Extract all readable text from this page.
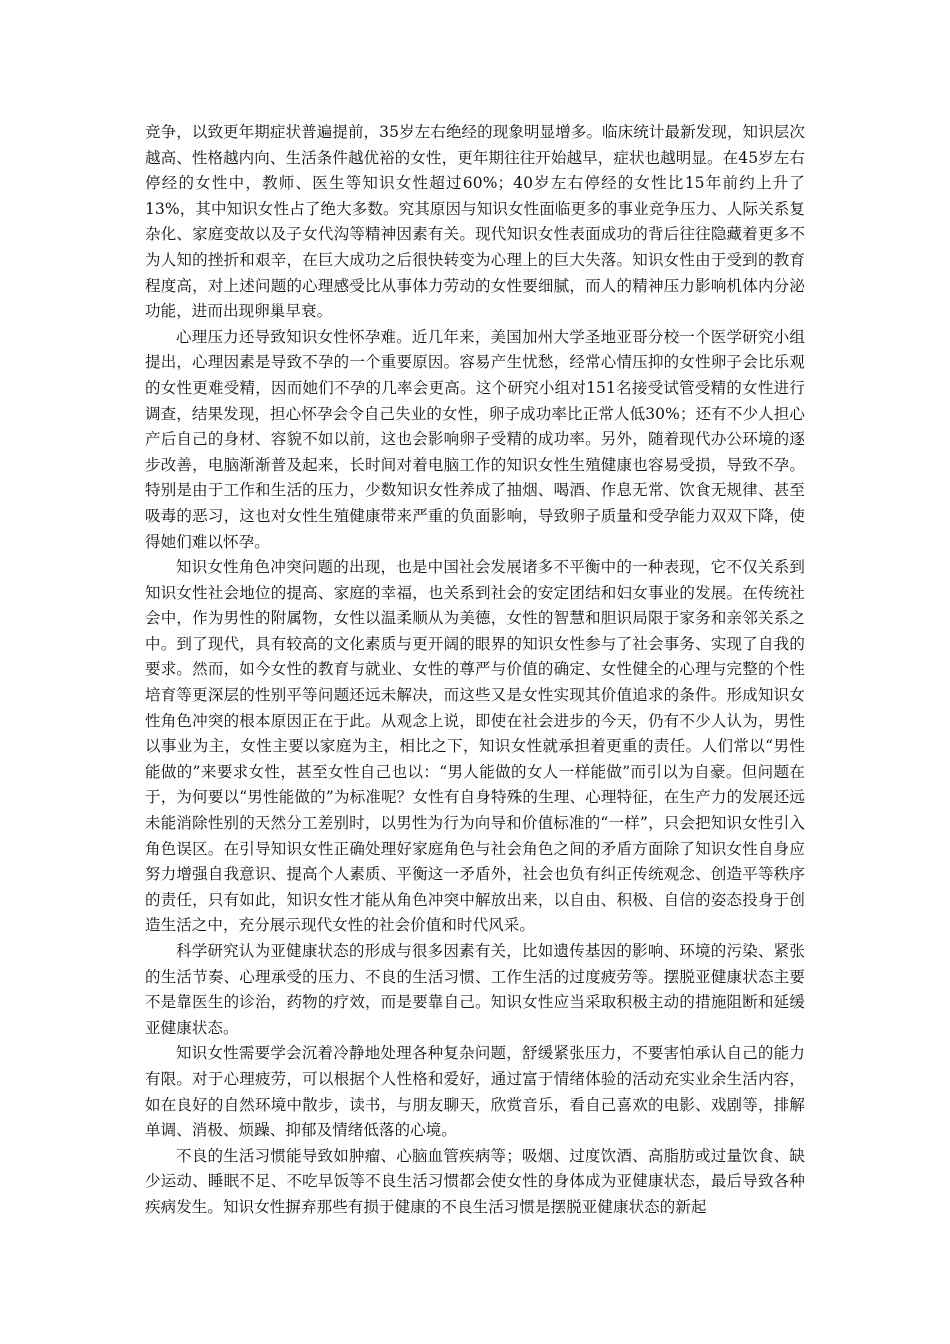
竞争，以致更年期症状普遍提前，35岁左右绝经的现象明显增多。临床统计最新发现，知识层次越高、性格越内向、生活条件越优裕的女性，更年期往往开始越早，症状也越明显。在45岁左右停经的女性中，教师、医生等知识女性超过60%；40岁左右停经的女性比15年前约上升了13%，其中知识女性占了绝大多数。究其原因与知识女性面临更多的事业竞争压力、人际关系复杂化、家庭变故以及子女代沟等精神因素有关。现代知识女性表面成功的背后往往隐藏着更多不为人知的挫折和艰辛，在巨大成功之后很快转变为心理上的巨大失落。知识女性由于受到的教育程度高，对上述问题的心理感受比从事体力劳动的女性要细腻，而人的精神压力影响机体内分泌功能，进而出现卵巢早衰。

心理压力还导致知识女性怀孕难。近几年来，美国加州大学圣地亚哥分校一个医学研究小组提出，心理因素是导致不孕的一个重要原因。容易产生忧愁，经常心情压抑的女性卵子会比乐观的女性更难受精，因而她们不孕的几率会更高。这个研究小组对151名接受试管受精的女性进行调查，结果发现，担心怀孕会令自己失业的女性，卵子成功率比正常人低30%；还有不少人担心产后自己的身材、容貌不如以前，这也会影响卵子受精的成功率。另外，随着现代办公环境的逐步改善，电脑渐渐普及起来，长时间对着电脑工作的知识女性生殖健康也容易受损，导致不孕。特别是由于工作和生活的压力，少数知识女性养成了抽烟、喝酒、作息无常、饮食无规律、甚至吸毒的恶习，这也对女性生殖健康带来严重的负面影响，导致卵子质量和受孕能力双双下降，使得她们难以怀孕。

知识女性角色冲突问题的出现，也是中国社会发展诸多不平衡中的一种表现，它不仅关系到知识女性社会地位的提高、家庭的幸福，也关系到社会的安定团结和妇女事业的发展。在传统社会中，作为男性的附属物，女性以温柔顺从为美德，女性的智慧和胆识局限于家务和亲邻关系之中。到了现代，具有较高的文化素质与更开阔的眼界的知识女性参与了社会事务、实现了自我的要求。然而，如今女性的教育与就业、女性的尊严与价值的确定、女性健全的心理与完整的个性培育等更深层的性别平等问题还远未解决，而这些又是女性实现其价值追求的条件。形成知识女性角色冲突的根本原因正在于此。从观念上说，即使在社会进步的今天，仍有不少人认为，男性以事业为主，女性主要以家庭为主，相比之下，知识女性就承担着更重的责任。人们常以“男性能做的”来要求女性，甚至女性自己也以：“男人能做的女人一样能做”而引以为自豪。但问题在于，为何要以“男性能做的”为标准呢？女性有自身特殊的生理、心理特征，在生产力的发展还远未能消除性别的天然分工差别时，以男性为行为向导和价值标准的“一样”，只会把知识女性引入角色误区。在引导知识女性正确处理好家庭角色与社会角色之间的矛盾方面除了知识女性自身应努力增强自我意识、提高个人素质、平衡这一矛盾外，社会也负有纠正传统观念、创造平等秩序的责任，只有如此，知识女性才能从角色冲突中解放出来，以自由、积极、自信的姿态投身于创造生活之中，充分展示现代女性的社会价值和时代风采。

科学研究认为亚健康状态的形成与很多因素有关，比如遗传基因的影响、环境的污染、紧张的生活节奏、心理承受的压力、不良的生活习惯、工作生活的过度疲劳等。摆脱亚健康状态主要不是靠医生的诊治，药物的疗效，而是要靠自己。知识女性应当采取积极主动的措施阻断和延缓亚健康状态。

知识女性需要学会沉着冷静地处理各种复杂问题，舒缓紧张压力，不要害怕承认自己的能力有限。对于心理疲劳，可以根据个人性格和爱好，通过富于情绪体验的活动充实业余生活内容，如在良好的自然环境中散步，读书，与朋友聊天，欣赏音乐，看自己喜欢的电影、戏剧等，排解单调、消极、烦躁、抑郁及情绪低落的心境。

不良的生活习惯能导致如肿瘤、心脑血管疾病等；吸烟、过度饮酒、高脂肪或过量饮食、缺少运动、睡眠不足、不吃早饭等不良生活习惯都会使女性的身体成为亚健康状态，最后导致各种疾病发生。知识女性摒弃那些有损于健康的不良生活习惯是摆脱亚健康状态的新起
